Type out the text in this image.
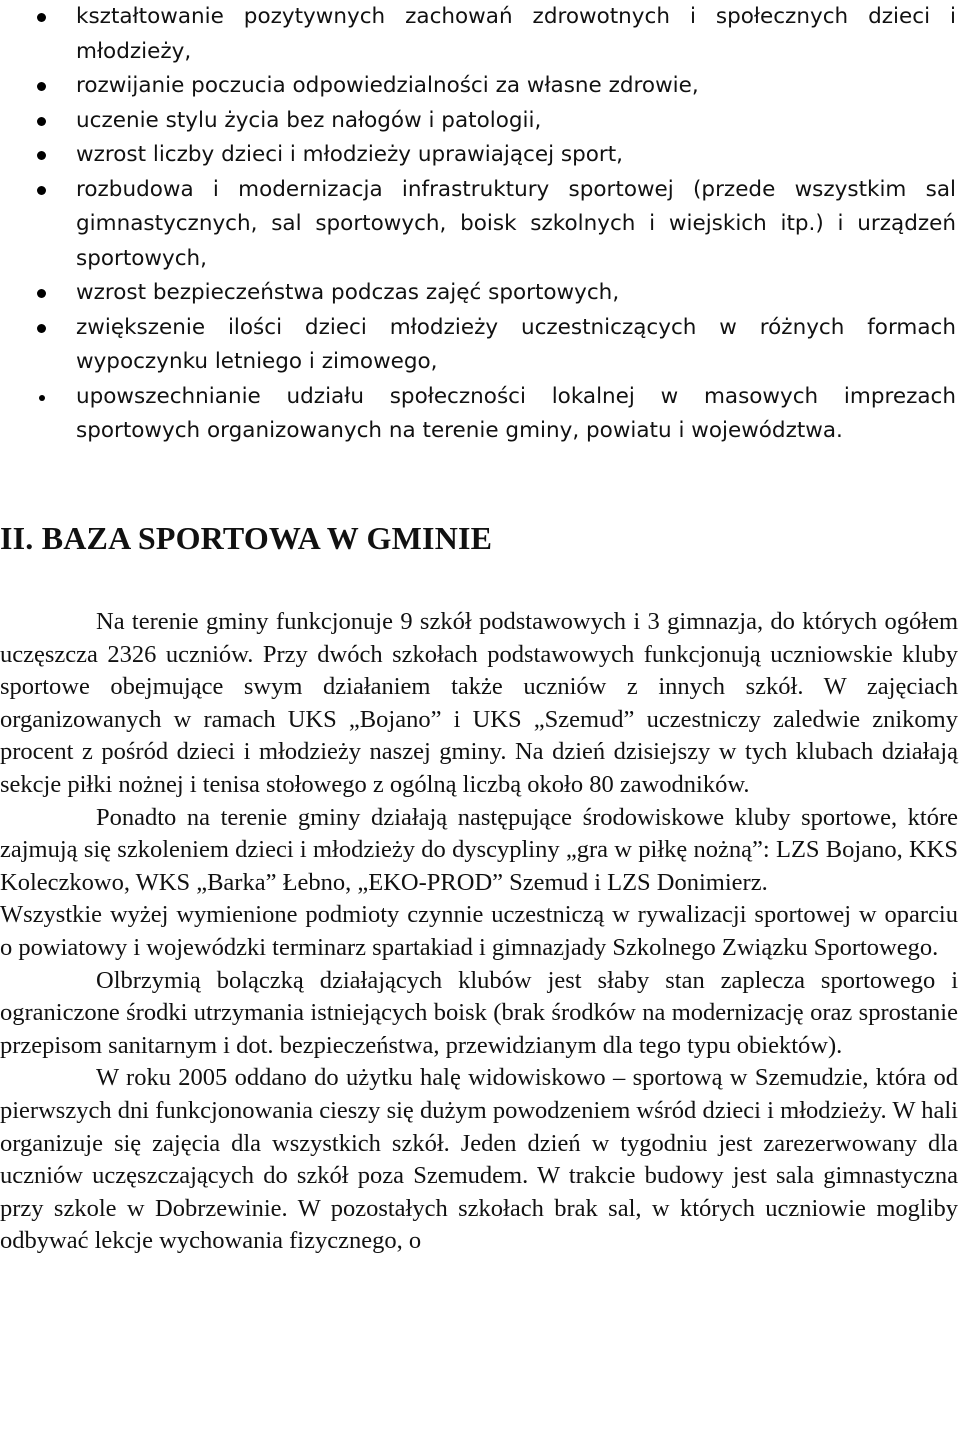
kształtowanie pozytywnych zachowań zdrowotnych i społecznych dzieci i młodzieży,
rozwijanie poczucia odpowiedzialności za własne zdrowie,
uczenie stylu życia bez nałogów i patologii,
wzrost liczby dzieci i młodzieży uprawiającej sport,
rozbudowa i modernizacja infrastruktury sportowej (przede wszystkim sal gimnastycznych, sal sportowych, boisk szkolnych i wiejskich itp.) i urządzeń sportowych,
wzrost bezpieczeństwa podczas zajęć sportowych,
zwiększenie ilości dzieci młodzieży uczestniczących w różnych formach wypoczynku letniego i zimowego,
upowszechnianie udziału społeczności lokalnej w masowych imprezach sportowych organizowanych na terenie gminy, powiatu i województwa.
II. BAZA SPORTOWA W GMINIE

Na terenie gminy funkcjonuje 9 szkół podstawowych i 3 gimnazja, do których ogółem uczęszcza 2326 uczniów. Przy dwóch szkołach podstawowych funkcjonują uczniowskie kluby sportowe obejmujące swym działaniem także uczniów z innych szkół. W zajęciach organizowanych w ramach UKS „Bojano” i UKS „Szemud” uczestniczy zaledwie znikomy procent z pośród dzieci i młodzieży naszej gminy. Na dzień dzisiejszy w tych klubach działają sekcje piłki nożnej i tenisa stołowego z ogólną liczbą około 80 zawodników.

Ponadto na terenie gminy działają następujące środowiskowe kluby sportowe, które zajmują się szkoleniem dzieci i młodzieży do dyscypliny „gra w piłkę nożną”: LZS Bojano, KKS Koleczkowo, WKS „Barka” Łebno, „EKO-PROD” Szemud i LZS Donimierz.

Wszystkie wyżej wymienione podmioty czynnie uczestniczą w rywalizacji sportowej w oparciu o powiatowy i wojewódzki terminarz spartakiad i gimnazjady Szkolnego Związku Sportowego.

Olbrzymią bolączką działających klubów jest słaby stan zaplecza sportowego i ograniczone środki utrzymania istniejących boisk (brak środków na modernizację oraz sprostanie przepisom sanitarnym i dot. bezpieczeństwa, przewidzianym dla tego typu obiektów).

W roku 2005 oddano do użytku halę widowiskowo – sportową w Szemudzie, która od pierwszych dni funkcjonowania cieszy się dużym powodzeniem wśród dzieci i młodzieży. W hali organizuje się zajęcia dla wszystkich szkół. Jeden dzień w tygodniu jest zarezerwowany dla uczniów uczęszczających do szkół poza Szemudem. W trakcie budowy jest sala gimnastyczna przy szkole w Dobrzewinie. W pozostałych szkołach brak sal, w których uczniowie mogliby odbywać lekcje wychowania fizycznego, o
